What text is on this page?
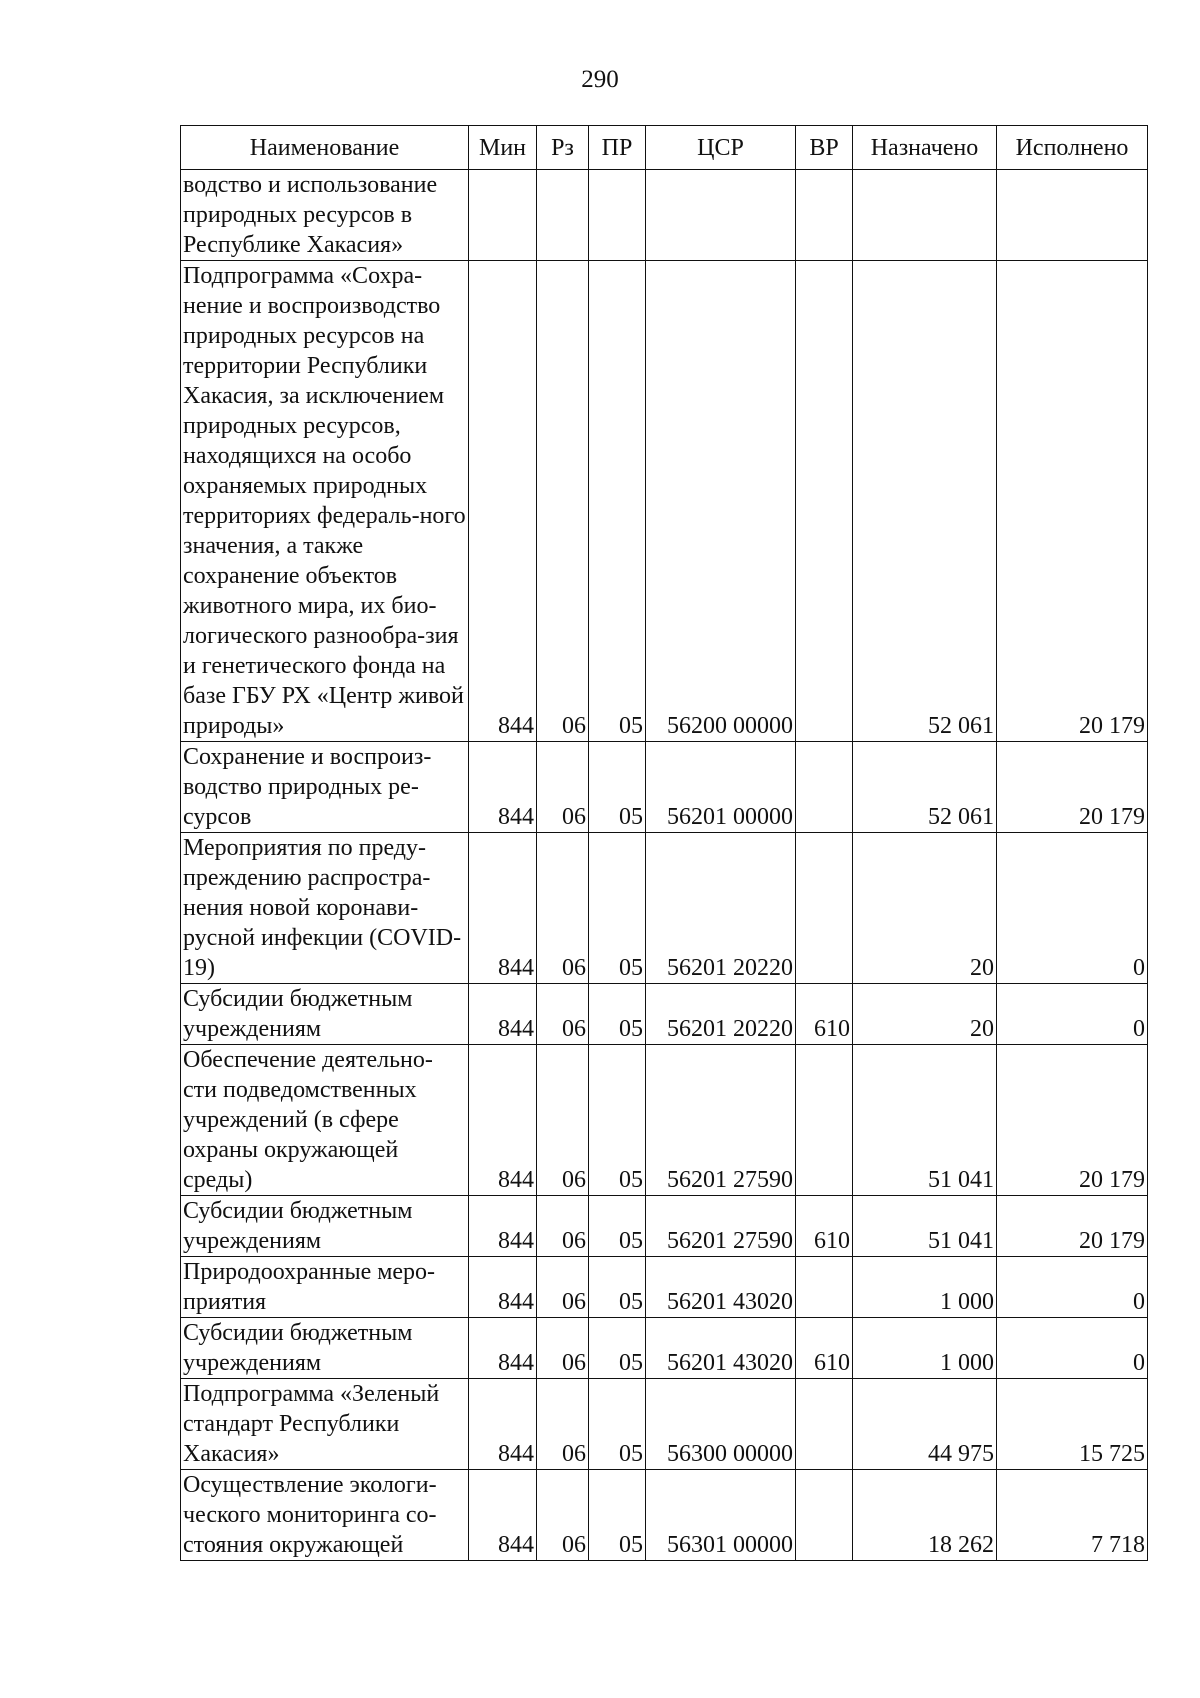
290
Наименование	Мин	Рз	ПР	ЦСР	ВР	Назначено	Исполнено
водство и использование природных ресурсов в Республике Хакасия»							
Подпрограмма «Сохра-нение и воспроизводство природных ресурсов на территории Республики Хакасия, за исключением природных ресурсов, находящихся на особо охраняемых природных территориях федераль-ного значения, а также сохранение объектов животного мира, их био-логического разнообра-зия и генетического фонда на базе ГБУ РХ «Центр живой природы»	844	06	05	56200 00000		52 061	20 179
Сохранение и воспроиз-водство природных ре-сурсов	844	06	05	56201 00000		52 061	20 179
Мероприятия по преду-преждению распростра-нения новой коронави-русной инфекции (COVID-19)	844	06	05	56201 20220		20	0
Субсидии бюджетным учреждениям	844	06	05	56201 20220	610	20	0
Обеспечение деятельно-сти подведомственных учреждений (в сфере охраны окружающей среды)	844	06	05	56201 27590		51 041	20 179
Субсидии бюджетным учреждениям	844	06	05	56201 27590	610	51 041	20 179
Природоохранные меро-приятия	844	06	05	56201 43020		1 000	0
Субсидии бюджетным учреждениям	844	06	05	56201 43020	610	1 000	0
Подпрограмма «Зеленый стандарт Республики Хакасия»	844	06	05	56300 00000		44 975	15 725
Осуществление экологи-ческого мониторинга со-стояния окружающей	844	06	05	56301 00000		18 262	7 718
